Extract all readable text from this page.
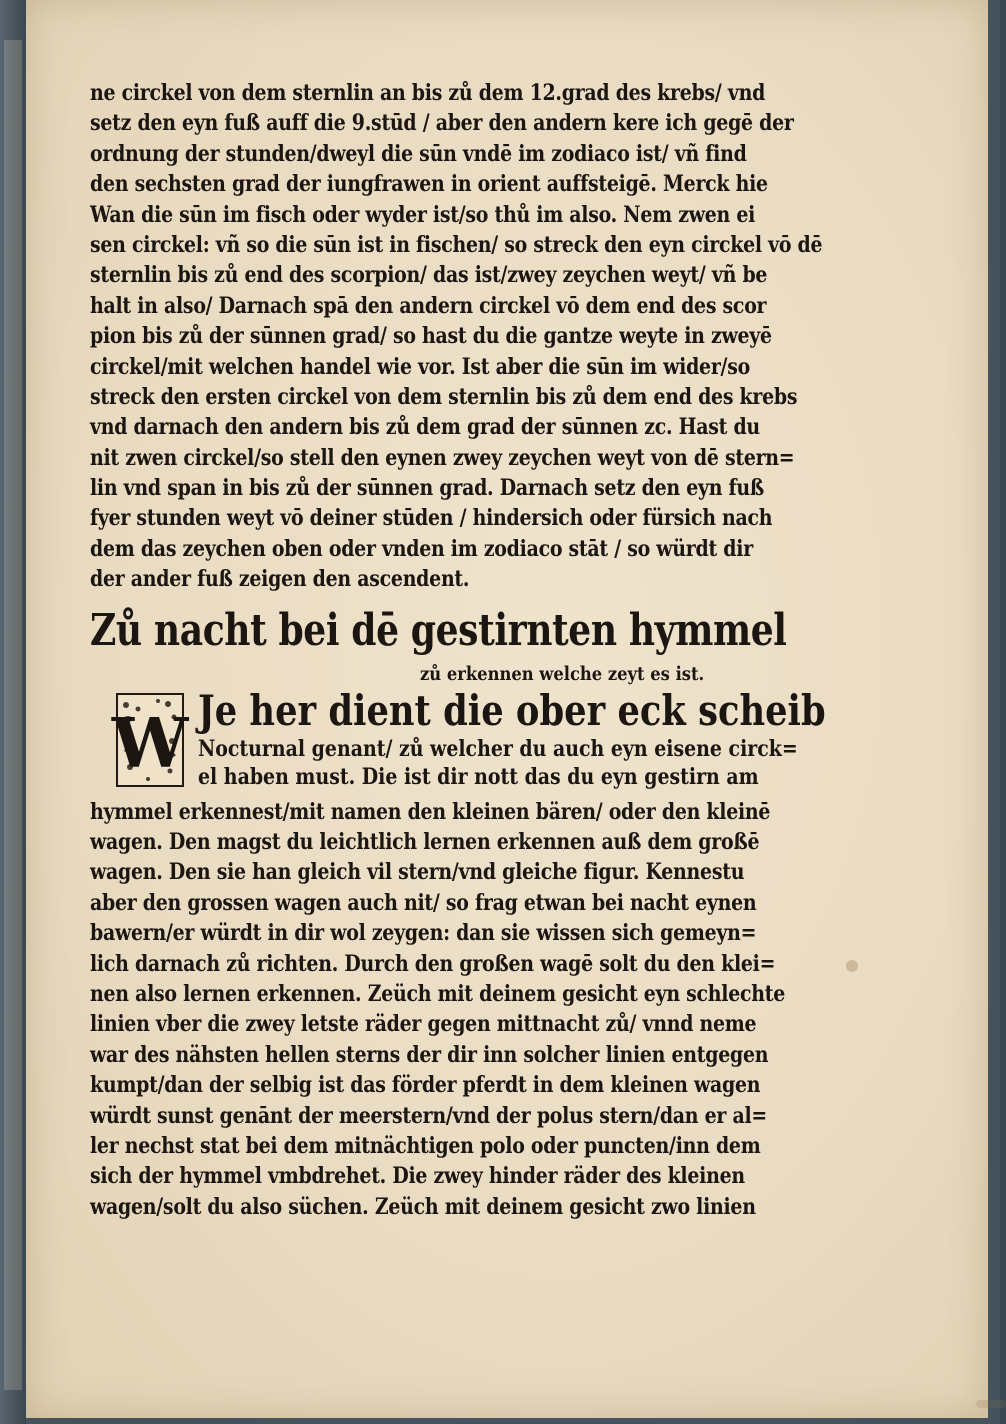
ne circkel von dem sternlin an bis zů dem 12.grad des krebs/ vnd
setz den eyn fuß auff die 9.stūd / aber den andern kere ich gegē der
ordnung der stunden/dweyl die sūn vndē im zodiaco ist/ vñ find
den sechsten grad der iungfrawen in orient auffsteigē. Merck hie
Wan die sūn im fisch oder wyder ist/so thů im also. Nem zwen ei
sen circkel: vñ so die sūn ist in fischen/ so streck den eyn circkel vō dē
sternlin bis zů end des scorpion/ das ist/zwey zeychen weyt/ vñ be
halt in also/ Darnach spā den andern circkel vō dem end des scor
pion bis zů der sūnnen grad/ so hast du die gantze weyte in zweyē
circkel/mit welchen handel wie vor. Ist aber die sūn im wider/so
streck den ersten circkel von dem sternlin bis zů dem end des krebs
vnd darnach den andern bis zů dem grad der sūnnen zc. Hast du
nit zwen circkel/so stell den eynen zwey zeychen weyt von dē stern=
lin vnd span in bis zů der sūnnen grad. Darnach setz den eyn fuß
fyer stunden weyt vō deiner stūden / hindersich oder fürsich nach
dem das zeychen oben oder vnden im zodiaco stāt / so würdt dir
der ander fuß zeigen den ascendent.
Zů nacht bei dē gestirnten hymmel
zů erkennen welche zeyt es ist.
W Je her dient die ober eck scheib
Nocturnal genant/ zů welcher du auch eyn eisene circk=
el haben must. Die ist dir nott das du eyn gestirn am
hymmel erkennest/mit namen den kleinen bären/ oder den kleinē
wagen. Den magst du leichtlich lernen erkennen auß dem großē
wagen. Den sie han gleich vil stern/vnd gleiche figur. Kennestu
aber den grossen wagen auch nit/ so frag etwan bei nacht eynen
bawern/er würdt in dir wol zeygen: dan sie wissen sich gemeyn=
lich darnach zů richten. Durch den großen wagē solt du den klei=
nen also lernen erkennen. Zeüch mit deinem gesicht eyn schlechte
linien vber die zwey letste räder gegen mittnacht zů/ vnnd neme
war des nähsten hellen sterns der dir inn solcher linien entgegen
kumpt/dan der selbig ist das förder pferdt in dem kleinen wagen
würdt sunst genānt der meerstern/vnd der polus stern/dan er al=
ler nechst stat bei dem mitnächtigen polo oder puncten/inn dem
sich der hymmel vmbdrehet. Die zwey hinder räder des kleinen
wagen/solt du also süchen. Zeüch mit deinem gesicht zwo linien
